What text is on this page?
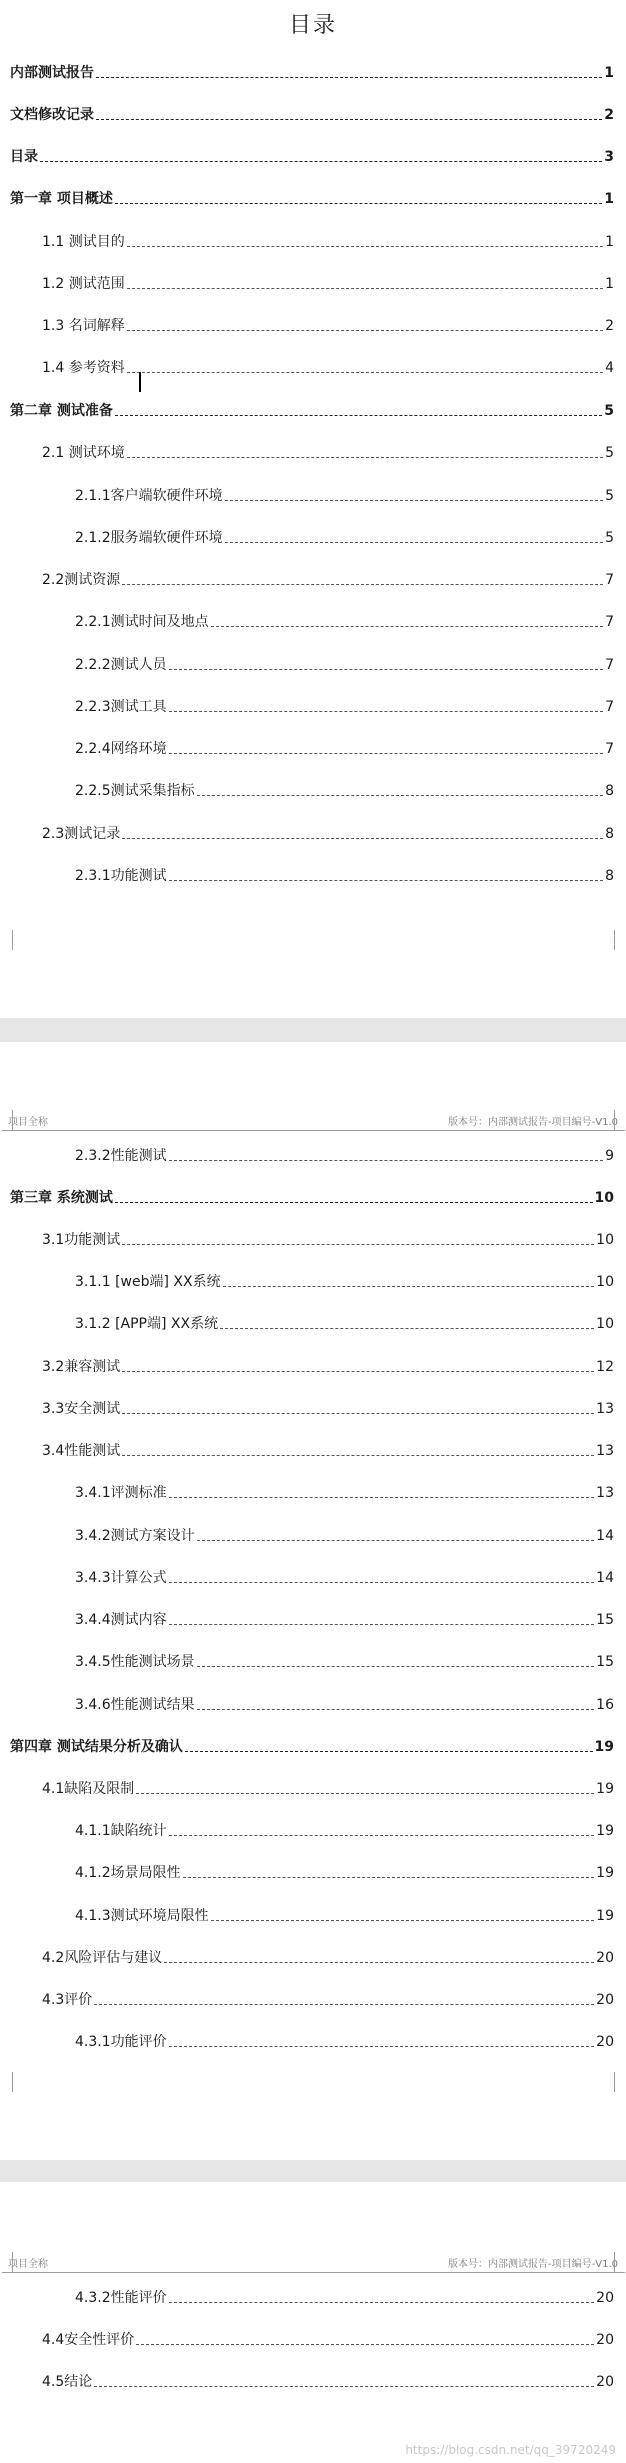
目录
内部测试报告	1
文档修改记录	2
目录	3
第一章 项目概述	1
1.1 测试目的	1
1.2 测试范围	1
1.3 名词解释	2
1.4 参考资料	4
第二章 测试准备	5
2.1 测试环境	5
2.1.1客户端软硬件环境	5
2.1.2服务端软硬件环境	5
2.2测试资源	7
2.2.1测试时间及地点	7
2.2.2测试人员	7
2.2.3测试工具	7
2.2.4网络环境	7
2.2.5测试采集指标	8
2.3测试记录	8
2.3.1功能测试	8
项目全称	版本号：内部测试报告-项目编号-V1.0
2.3.2性能测试	9
第三章 系统测试	10
3.1功能测试	10
3.1.1 [web端] XX系统	10
3.1.2 [APP端] XX系统	10
3.2兼容测试	12
3.3安全测试	13
3.4性能测试	13
3.4.1评测标准	13
3.4.2测试方案设计	14
3.4.3计算公式	14
3.4.4测试内容	15
3.4.5性能测试场景	15
3.4.6性能测试结果	16
第四章 测试结果分析及确认	19
4.1缺陷及限制	19
4.1.1缺陷统计	19
4.1.2场景局限性	19
4.1.3测试环境局限性	19
4.2风险评估与建议	20
4.3评价	20
4.3.1功能评价	20
项目全称	版本号：内部测试报告-项目编号-V1.0
4.3.2性能评价	20
4.4安全性评价	20
4.5结论	20
https://blog.csdn.net/qq_39720249
